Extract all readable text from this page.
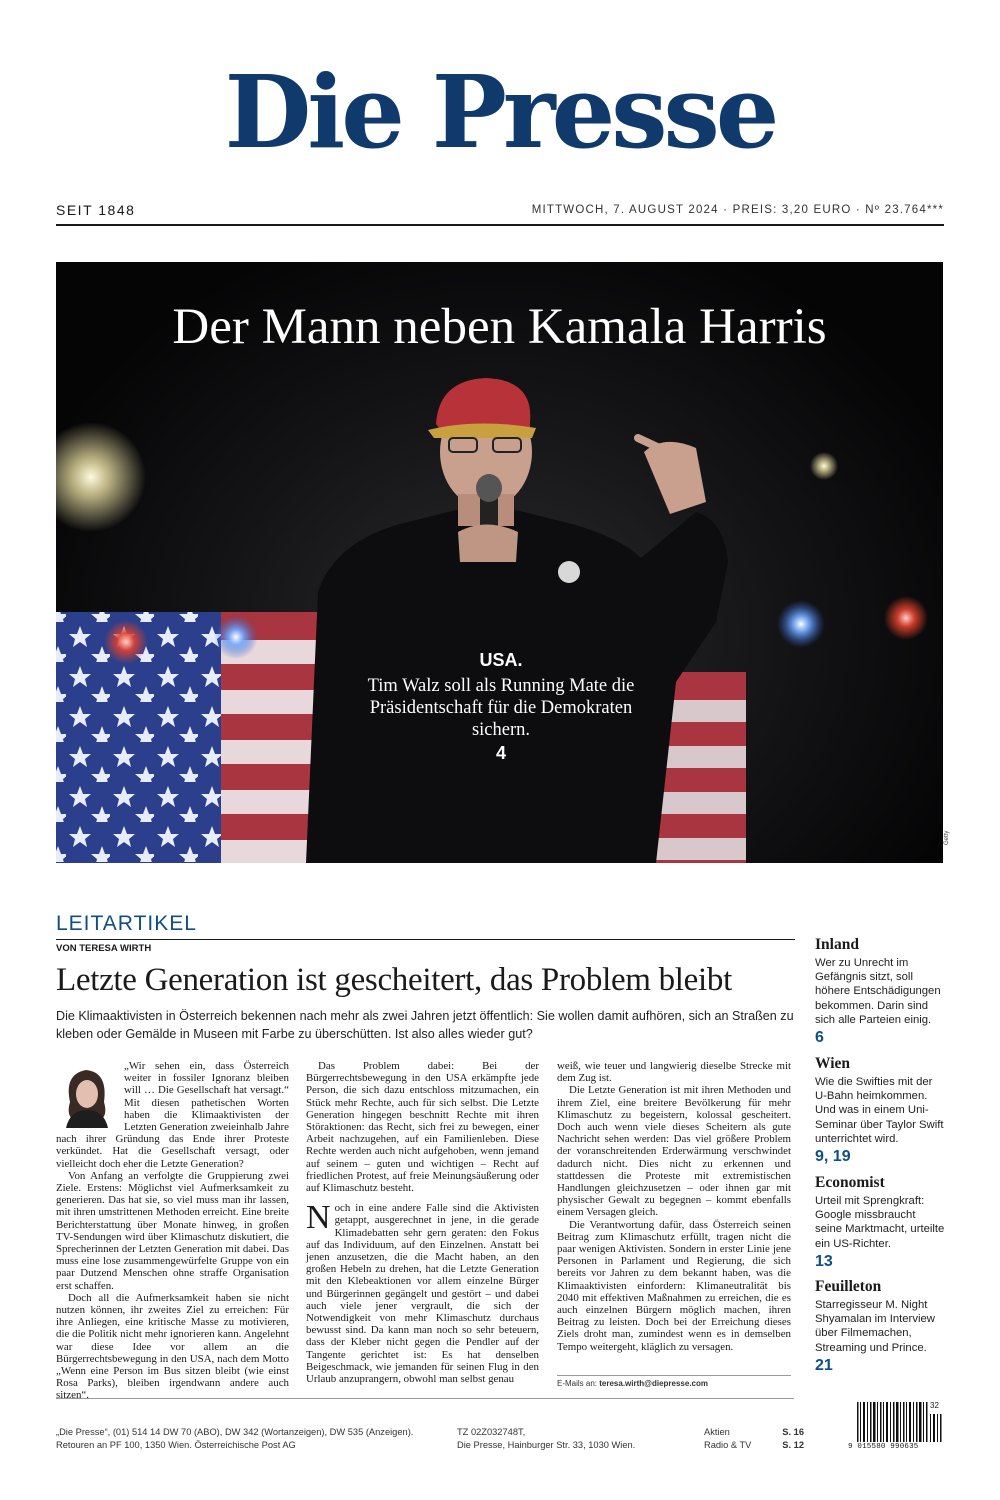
Die Presse
SEIT 1848	MITTWOCH, 7. AUGUST 2024 · PREIS: 3,20 EURO · Nº 23.764***
Der Mann neben Kamala Harris
USA.
Tim Walz soll als Running Mate die Präsidentschaft für die Demokraten sichern.
4
Getty
LEITARTIKEL
VON TERESA WIRTH
Letzte Generation ist gescheitert, das Problem bleibt
Die Klimaaktivisten in Österreich bekennen nach mehr als zwei Jahren jetzt öffentlich: Sie wollen damit aufhören, sich an Straßen zu kleben oder Gemälde in Museen mit Farbe zu überschütten. Ist also alles wieder gut?

„Wir sehen ein, dass Österreich weiter in fossiler Ignoranz bleiben will … Die Gesellschaft hat versagt.“ Mit diesen pathetischen Worten haben die Klimaaktivisten der Letzten Generation zweieinhalb Jahre nach ihrer Gründung das Ende ihrer Proteste verkündet. Hat die Gesellschaft versagt, oder vielleicht doch eher die Letzte Generation?

Von Anfang an verfolgte die Gruppierung zwei Ziele. Erstens: Möglichst viel Aufmerksamkeit zu generieren. Das hat sie, so viel muss man ihr lassen, mit ihren umstrittenen Methoden erreicht. Eine breite Berichterstattung über Monate hinweg, in großen TV-Sendungen wird über Klimaschutz diskutiert, die Sprecherinnen der Letzten Generation mit dabei. Das muss eine lose zusammengewürfelte Gruppe von ein paar Dutzend Menschen ohne straffe Organisation erst schaffen.

Doch all die Aufmerksamkeit haben sie nicht nutzen können, ihr zweites Ziel zu erreichen: Für ihre Anliegen, eine kritische Masse zu motivieren, die die Politik nicht mehr ignorieren kann. Angelehnt war diese Idee vor allem an die Bürgerrechtsbewegung in den USA, nach dem Motto „Wenn eine Person im Bus sitzen bleibt (wie einst Rosa Parks), bleiben irgendwann andere auch sitzen“.

Das Problem dabei: Bei der Bürgerrechtsbewegung in den USA erkämpfte jede Person, die sich dazu entschloss mitzumachen, ein Stück mehr Rechte, auch für sich selbst. Die Letzte Generation hingegen beschnitt Rechte mit ihren Störaktionen: das Recht, sich frei zu bewegen, einer Arbeit nachzugehen, auf ein Familienleben. Diese Rechte werden auch nicht aufgehoben, wenn jemand auf seinem – guten und wichtigen – Recht auf friedlichen Protest, auf freie Meinungsäußerung oder auf Klimaschutz besteht.

Noch in eine andere Falle sind die Aktivisten getappt, ausgerechnet in jene, in die gerade Klimadebatten sehr gern geraten: den Fokus auf das Individuum, auf den Einzelnen. Anstatt bei jenen anzusetzen, die die Macht haben, an den großen Hebeln zu drehen, hat die Letzte Generation mit den Klebeaktionen vor allem einzelne Bürger und Bürgerinnen gegängelt und gestört – und dabei auch viele jener vergrault, die sich der Notwendigkeit von mehr Klimaschutz durchaus bewusst sind. Da kann man noch so sehr beteuern, dass der Kleber nicht gegen die Pendler auf der Tangente gerichtet ist: Es hat denselben Beigeschmack, wie jemanden für seinen Flug in den Urlaub anzuprangern, obwohl man selbst genau

weiß, wie teuer und langwierig dieselbe Strecke mit dem Zug ist.

Die Letzte Generation ist mit ihren Methoden und ihrem Ziel, eine breitere Bevölkerung für mehr Klimaschutz zu begeistern, kolossal gescheitert. Doch auch wenn viele dieses Scheitern als gute Nachricht sehen werden: Das viel größere Problem der voranschreitenden Erderwärmung verschwindet dadurch nicht. Dies nicht zu erkennen und stattdessen die Proteste mit extremistischen Handlungen gleichzusetzen – oder ihnen gar mit physischer Gewalt zu begegnen – kommt ebenfalls einem Versagen gleich.

Die Verantwortung dafür, dass Österreich seinen Beitrag zum Klimaschutz erfüllt, tragen nicht die paar wenigen Aktivisten. Sondern in erster Linie jene Personen in Parlament und Regierung, die sich bereits vor Jahren zu dem bekannt haben, was die Klimaaktivisten einfordern: Klimaneutralität bis 2040 mit effektiven Maßnahmen zu erreichen, die es auch einzelnen Bürgern möglich machen, ihren Beitrag zu leisten. Doch bei der Erreichung dieses Ziels droht man, zumindest wenn es in demselben Tempo weitergeht, kläglich zu versagen.

E-Mails an: teresa.wirth@diepresse.com
Inland
Wer zu Unrecht im Gefängnis sitzt, soll höhere Entschädigungen bekommen. Darin sind sich alle Parteien einig.
6
Wien
Wie die Swifties mit der U-Bahn heimkommen. Und was in einem Uni-Seminar über Taylor Swift unterrichtet wird.
9, 19
Economist
Urteil mit Sprengkraft: Google missbraucht seine Marktmacht, urteilte ein US-Richter.
13
Feuilleton
Starregisseur M. Night Shyamalan im Interview über Filmemachen, Streaming und Prince.
21
„Die Presse“, (01) 514 14 DW 70 (ABO), DW 342 (Wortanzeigen), DW 535 (Anzeigen).
Retouren an PF 100, 1350 Wien. Österreichische Post AG
TZ 02Z032748T,
Die Presse, Hainburger Str. 33, 1030 Wien.
Aktien	S. 16
Radio & TV	S. 12
32
9 015580 990635
